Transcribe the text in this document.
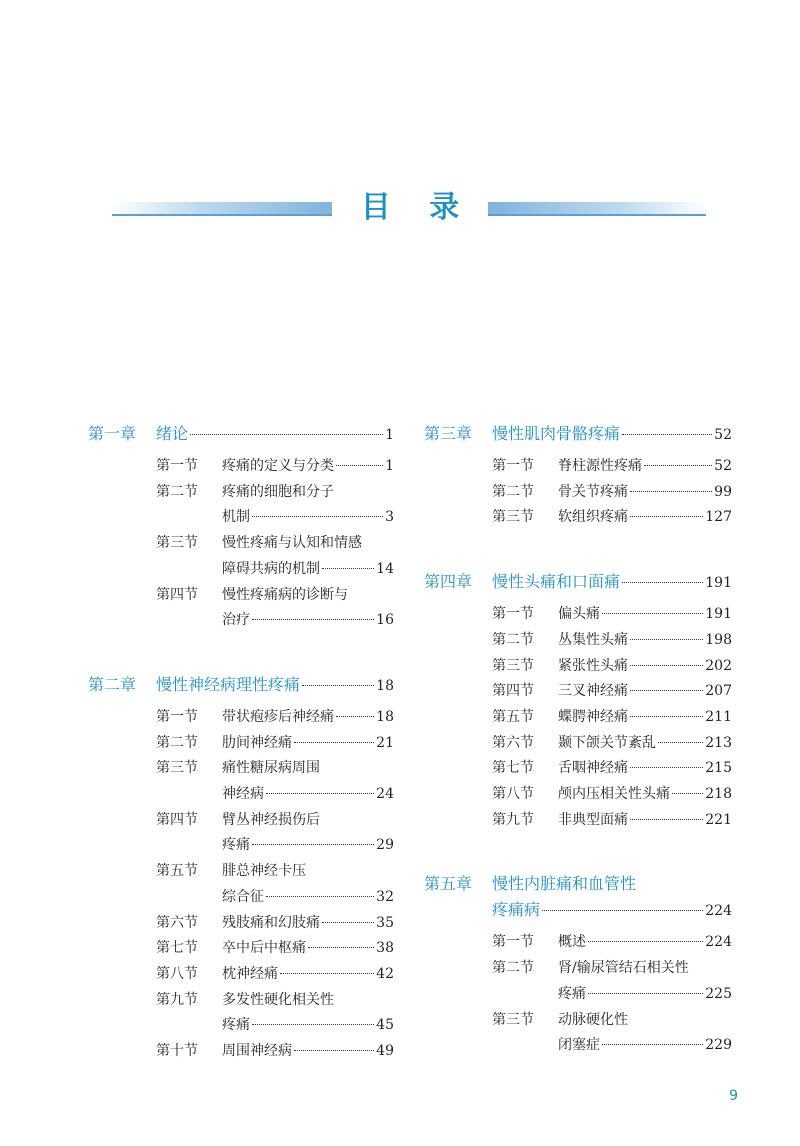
目 录
第一章	绪论	1
第一节	疼痛的定义与分类	1
第二节	疼痛的细胞和分子
机制	3
第三节	慢性疼痛与认知和情感
障碍共病的机制	14
第四节	慢性疼痛病的诊断与
治疗	16
第二章	慢性神经病理性疼痛	18
第一节	带状疱疹后神经痛	18
第二节	肋间神经痛	21
第三节	痛性糖尿病周围
神经病	24
第四节	臂丛神经损伤后
疼痛	29
第五节	腓总神经卡压
综合征	32
第六节	残肢痛和幻肢痛	35
第七节	卒中后中枢痛	38
第八节	枕神经痛	42
第九节	多发性硬化相关性
疼痛	45
第十节	周围神经病	49
第三章	慢性肌肉骨骼疼痛	52
第一节	脊柱源性疼痛	52
第二节	骨关节疼痛	99
第三节	软组织疼痛	127
第四章	慢性头痛和口面痛	191
第一节	偏头痛	191
第二节	丛集性头痛	198
第三节	紧张性头痛	202
第四节	三叉神经痛	207
第五节	蝶腭神经痛	211
第六节	颞下颌关节紊乱	213
第七节	舌咽神经痛	215
第八节	颅内压相关性头痛	218
第九节	非典型面痛	221
第五章	慢性内脏痛和血管性
疼痛病	224
第一节	概述	224
第二节	肾/输尿管结石相关性
疼痛	225
第三节	动脉硬化性
闭塞症	229
9
